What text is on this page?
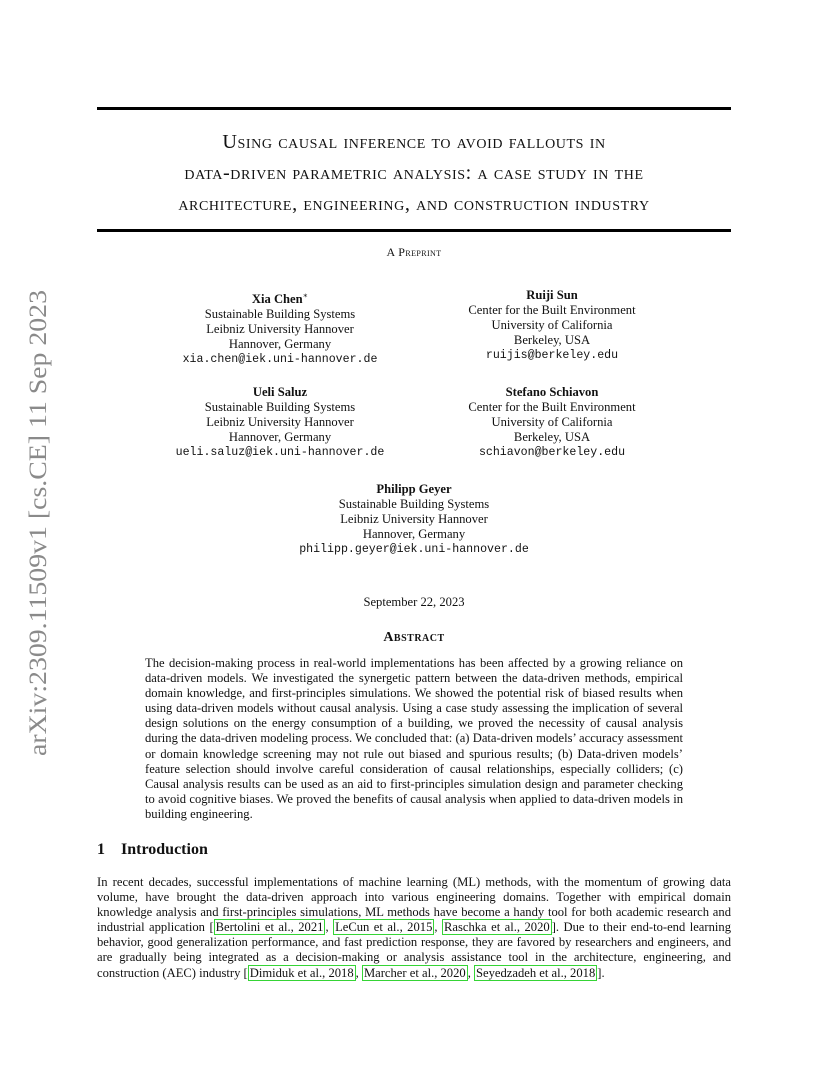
arXiv:2309.11509v1 [cs.CE] 11 Sep 2023
Using causal inference to avoid fallouts in
data-driven parametric analysis: a case study in the
architecture, engineering, and construction industry
A Preprint
Xia Chen∗
Sustainable Building Systems
Leibniz University Hannover
Hannover, Germany
xia.chen@iek.uni-hannover.de
Ruiji Sun
Center for the Built Environment
University of California
Berkeley, USA
ruijis@berkeley.edu
Ueli Saluz
Sustainable Building Systems
Leibniz University Hannover
Hannover, Germany
ueli.saluz@iek.uni-hannover.de
Stefano Schiavon
Center for the Built Environment
University of California
Berkeley, USA
schiavon@berkeley.edu
Philipp Geyer
Sustainable Building Systems
Leibniz University Hannover
Hannover, Germany
philipp.geyer@iek.uni-hannover.de
September 22, 2023
Abstract
The decision-making process in real-world implementations has been affected by a growing reliance on data-driven models. We investigated the synergetic pattern between the data-driven methods, empirical domain knowledge, and first-principles simulations. We showed the potential risk of biased results when using data-driven models without causal analysis. Using a case study assessing the implication of several design solutions on the energy consumption of a building, we proved the necessity of causal analysis during the data-driven modeling process. We concluded that: (a) Data-driven models’ accuracy assessment or domain knowledge screening may not rule out biased and spurious results; (b) Data-driven models’ feature selection should involve careful consideration of causal relationships, especially colliders; (c) Causal analysis results can be used as an aid to first-principles simulation design and parameter checking to avoid cognitive biases. We proved the benefits of causal analysis when applied to data-driven models in building engineering.
1 Introduction
In recent decades, successful implementations of machine learning (ML) methods, with the momentum of growing data volume, have brought the data-driven approach into various engineering domains. Together with empirical domain knowledge analysis and first-principles simulations, ML methods have become a handy tool for both academic research and industrial application [ Bertolini et al., 2021 , LeCun et al., 2015 , Raschka et al., 2020 ]. Due to their end-to-end learning behavior, good generalization performance, and fast prediction response, they are favored by researchers and engineers, and are gradually being integrated as a decision-making or analysis assistance tool in the architecture, engineering, and construction (AEC) industry [ Dimiduk et al., 2018 , Marcher et al., 2020 , Seyedzadeh et al., 2018 ].
